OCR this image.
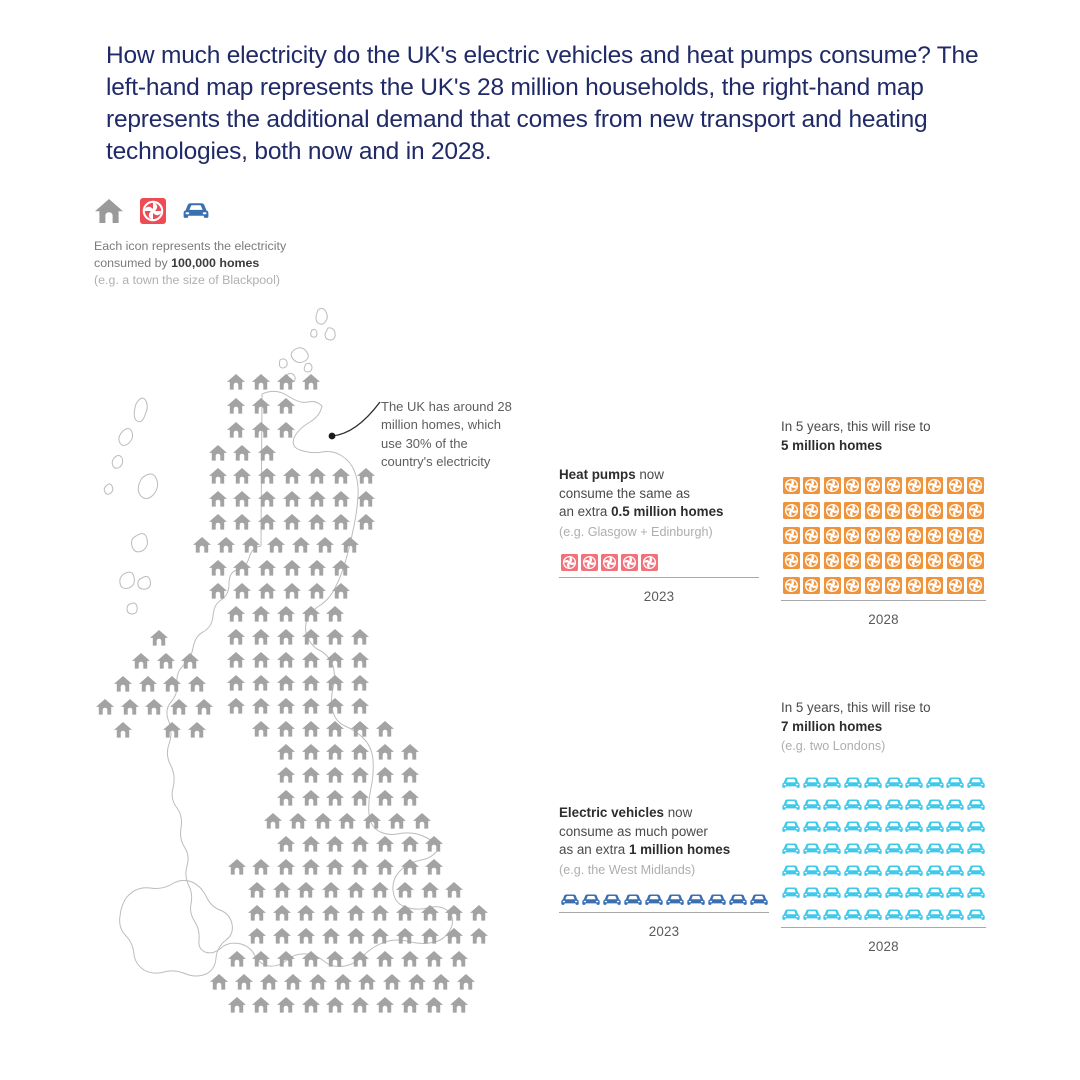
How much electricity do the UK's electric vehicles and heat pumps consume? The left-hand map represents the UK's 28 million households, the right-hand map represents the additional demand that comes from new transport and heating technologies, both now and in 2028.
Each icon represents the electricity
consumed by 100,000 homes
(e.g. a town the size of Blackpool)
The UK has around 28 million homes, which use 30% of the country's electricity
Heat pumps now
consume the same as
an extra 0.5 million homes
(e.g. Glasgow + Edinburgh)
2023
In 5 years, this will rise to
5 million homes
2028
Electric vehicles now
consume as much power
as an extra 1 million homes
(e.g. the West Midlands)
2023
In 5 years, this will rise to
7 million homes
(e.g. two Londons)
2028
